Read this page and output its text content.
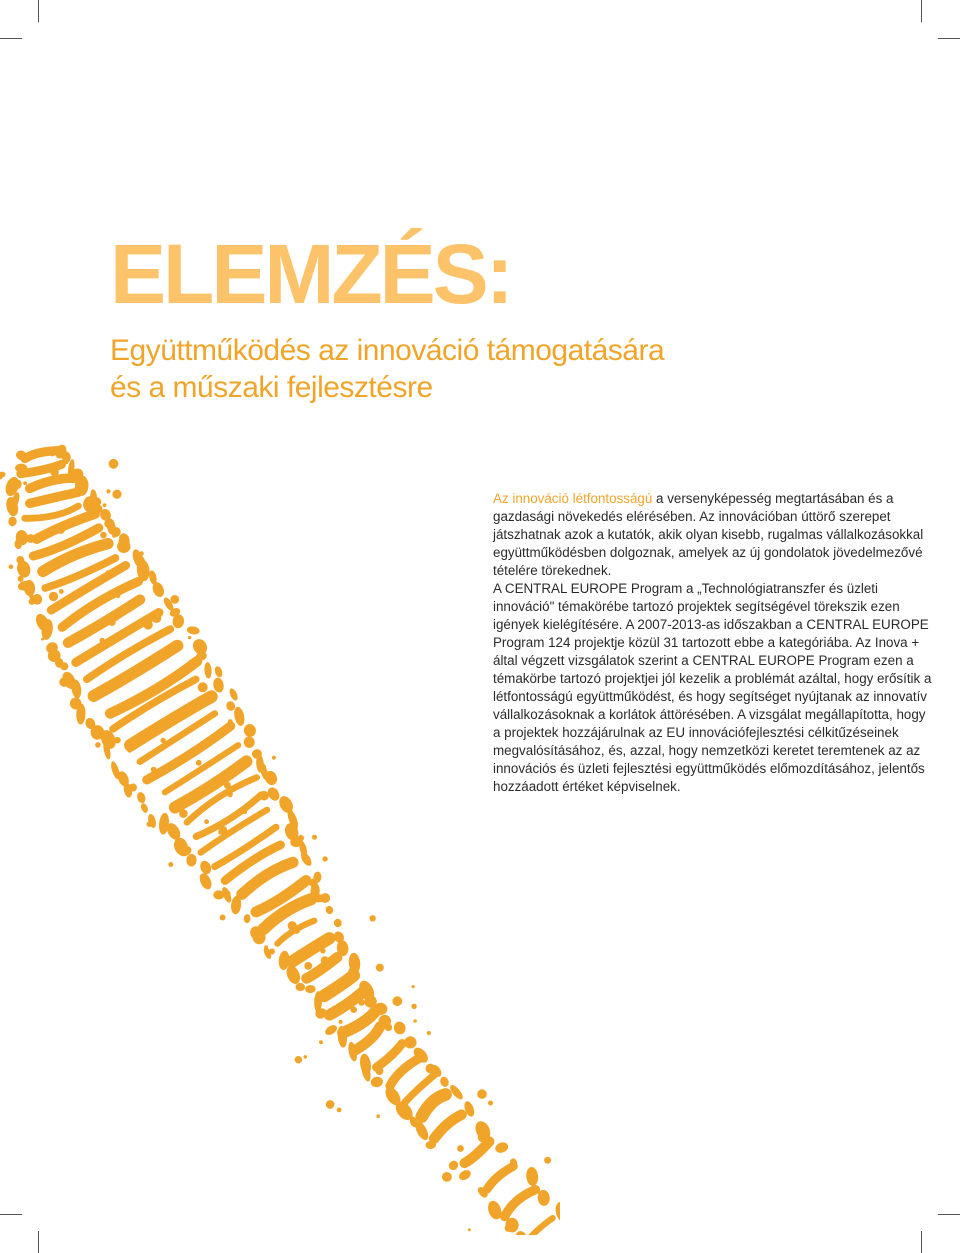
ELEMZÉS:
Együttműködés az innováció támogatására
és a műszaki fejlesztésre

Az innováció létfontosságú a versenyképesség megtartásában és a gazdasági növekedés elérésében. Az innovációban úttörő szerepet játszhatnak azok a kutatók, akik olyan kisebb, rugalmas vállalkozásokkal együttműködésben dolgoznak, amelyek az új gondolatok jövedelmezővé tételére törekednek.

A CENTRAL EUROPE Program a „Technológiatranszfer és üzleti innováció" témakörébe tartozó projektek segítségével törekszik ezen igények kielégítésére. A 2007-2013-as időszakban a CENTRAL EUROPE Program 124 projektje közül 31 tartozott ebbe a kategóriába. Az Inova + által végzett vizsgálatok szerint a CENTRAL EUROPE Program ezen a témakörbe tartozó projektjei jól kezelik a problémát azáltal, hogy erősítik a létfontosságú együttműködést, és hogy segítséget nyújtanak az innovatív vállalkozásoknak a korlátok áttörésében. A vizsgálat megállapította, hogy a projektek hozzájárulnak az EU innovációfejlesztési célkitűzéseinek megvalósításához, és, azzal, hogy nemzetközi keretet teremtenek az az innovációs és üzleti fejlesztési együttműködés előmozdításához, jelentős hozzáadott értéket képviselnek.
